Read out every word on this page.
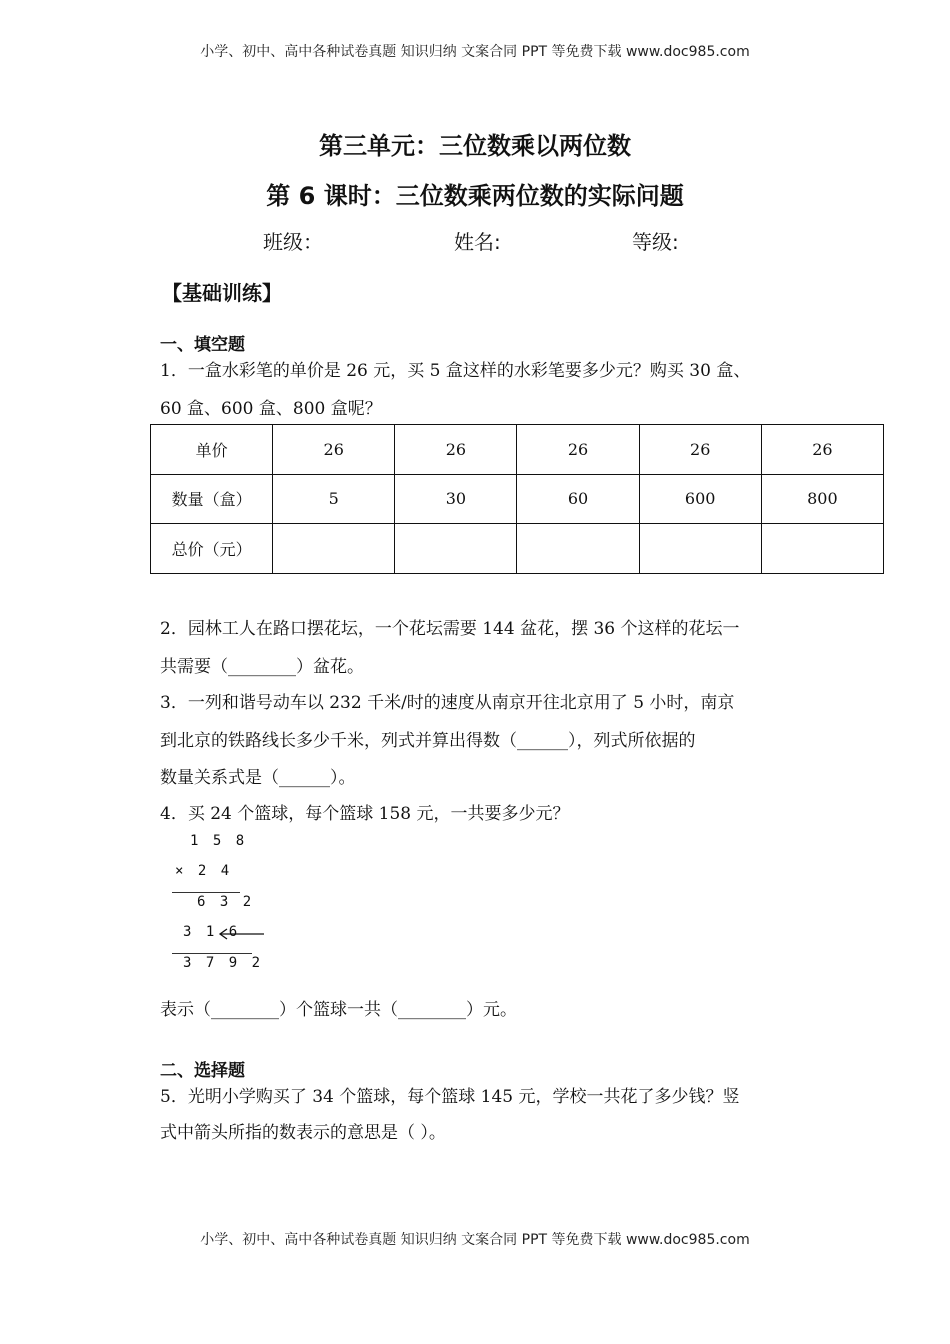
小学、初中、高中各种试卷真题 知识归纳 文案合同 PPT 等免费下载 www.doc985.com
第三单元：三位数乘以两位数
第 6 课时：三位数乘两位数的实际问题
班级：	姓名:	等级:
【基础训练】
一、填空题
1．一盒水彩笔的单价是 26 元，买 5 盒这样的水彩笔要多少元？购买 30 盒、
60 盒、600 盒、800 盒呢？
单价	26	26	26	26	26
数量（盒）	5	30	60	600	800
总价（元）					
2．园林工人在路口摆花坛，一个花坛需要 144 盆花，摆 36 个这样的花坛一
共需要（________）盆花。
3．一列和谐号动车以 232 千米/时的速度从南京开往北京用了 5 小时，南京
到北京的铁路线长多少千米，列式并算出得数（______），列式所依据的
数量关系式是（______）。
4．买 24 个篮球，每个篮球 158 元，一共要多少元？
1 5 8
× 2 4
6 3 2
3 1 6
3 7 9 2
表示（________）个篮球一共（________）元。
二、选择题
5．光明小学购买了 34 个篮球，每个篮球 145 元，学校一共花了多少钱？竖
式中箭头所指的数表示的意思是（ ）。
小学、初中、高中各种试卷真题 知识归纳 文案合同 PPT 等免费下载 www.doc985.com
